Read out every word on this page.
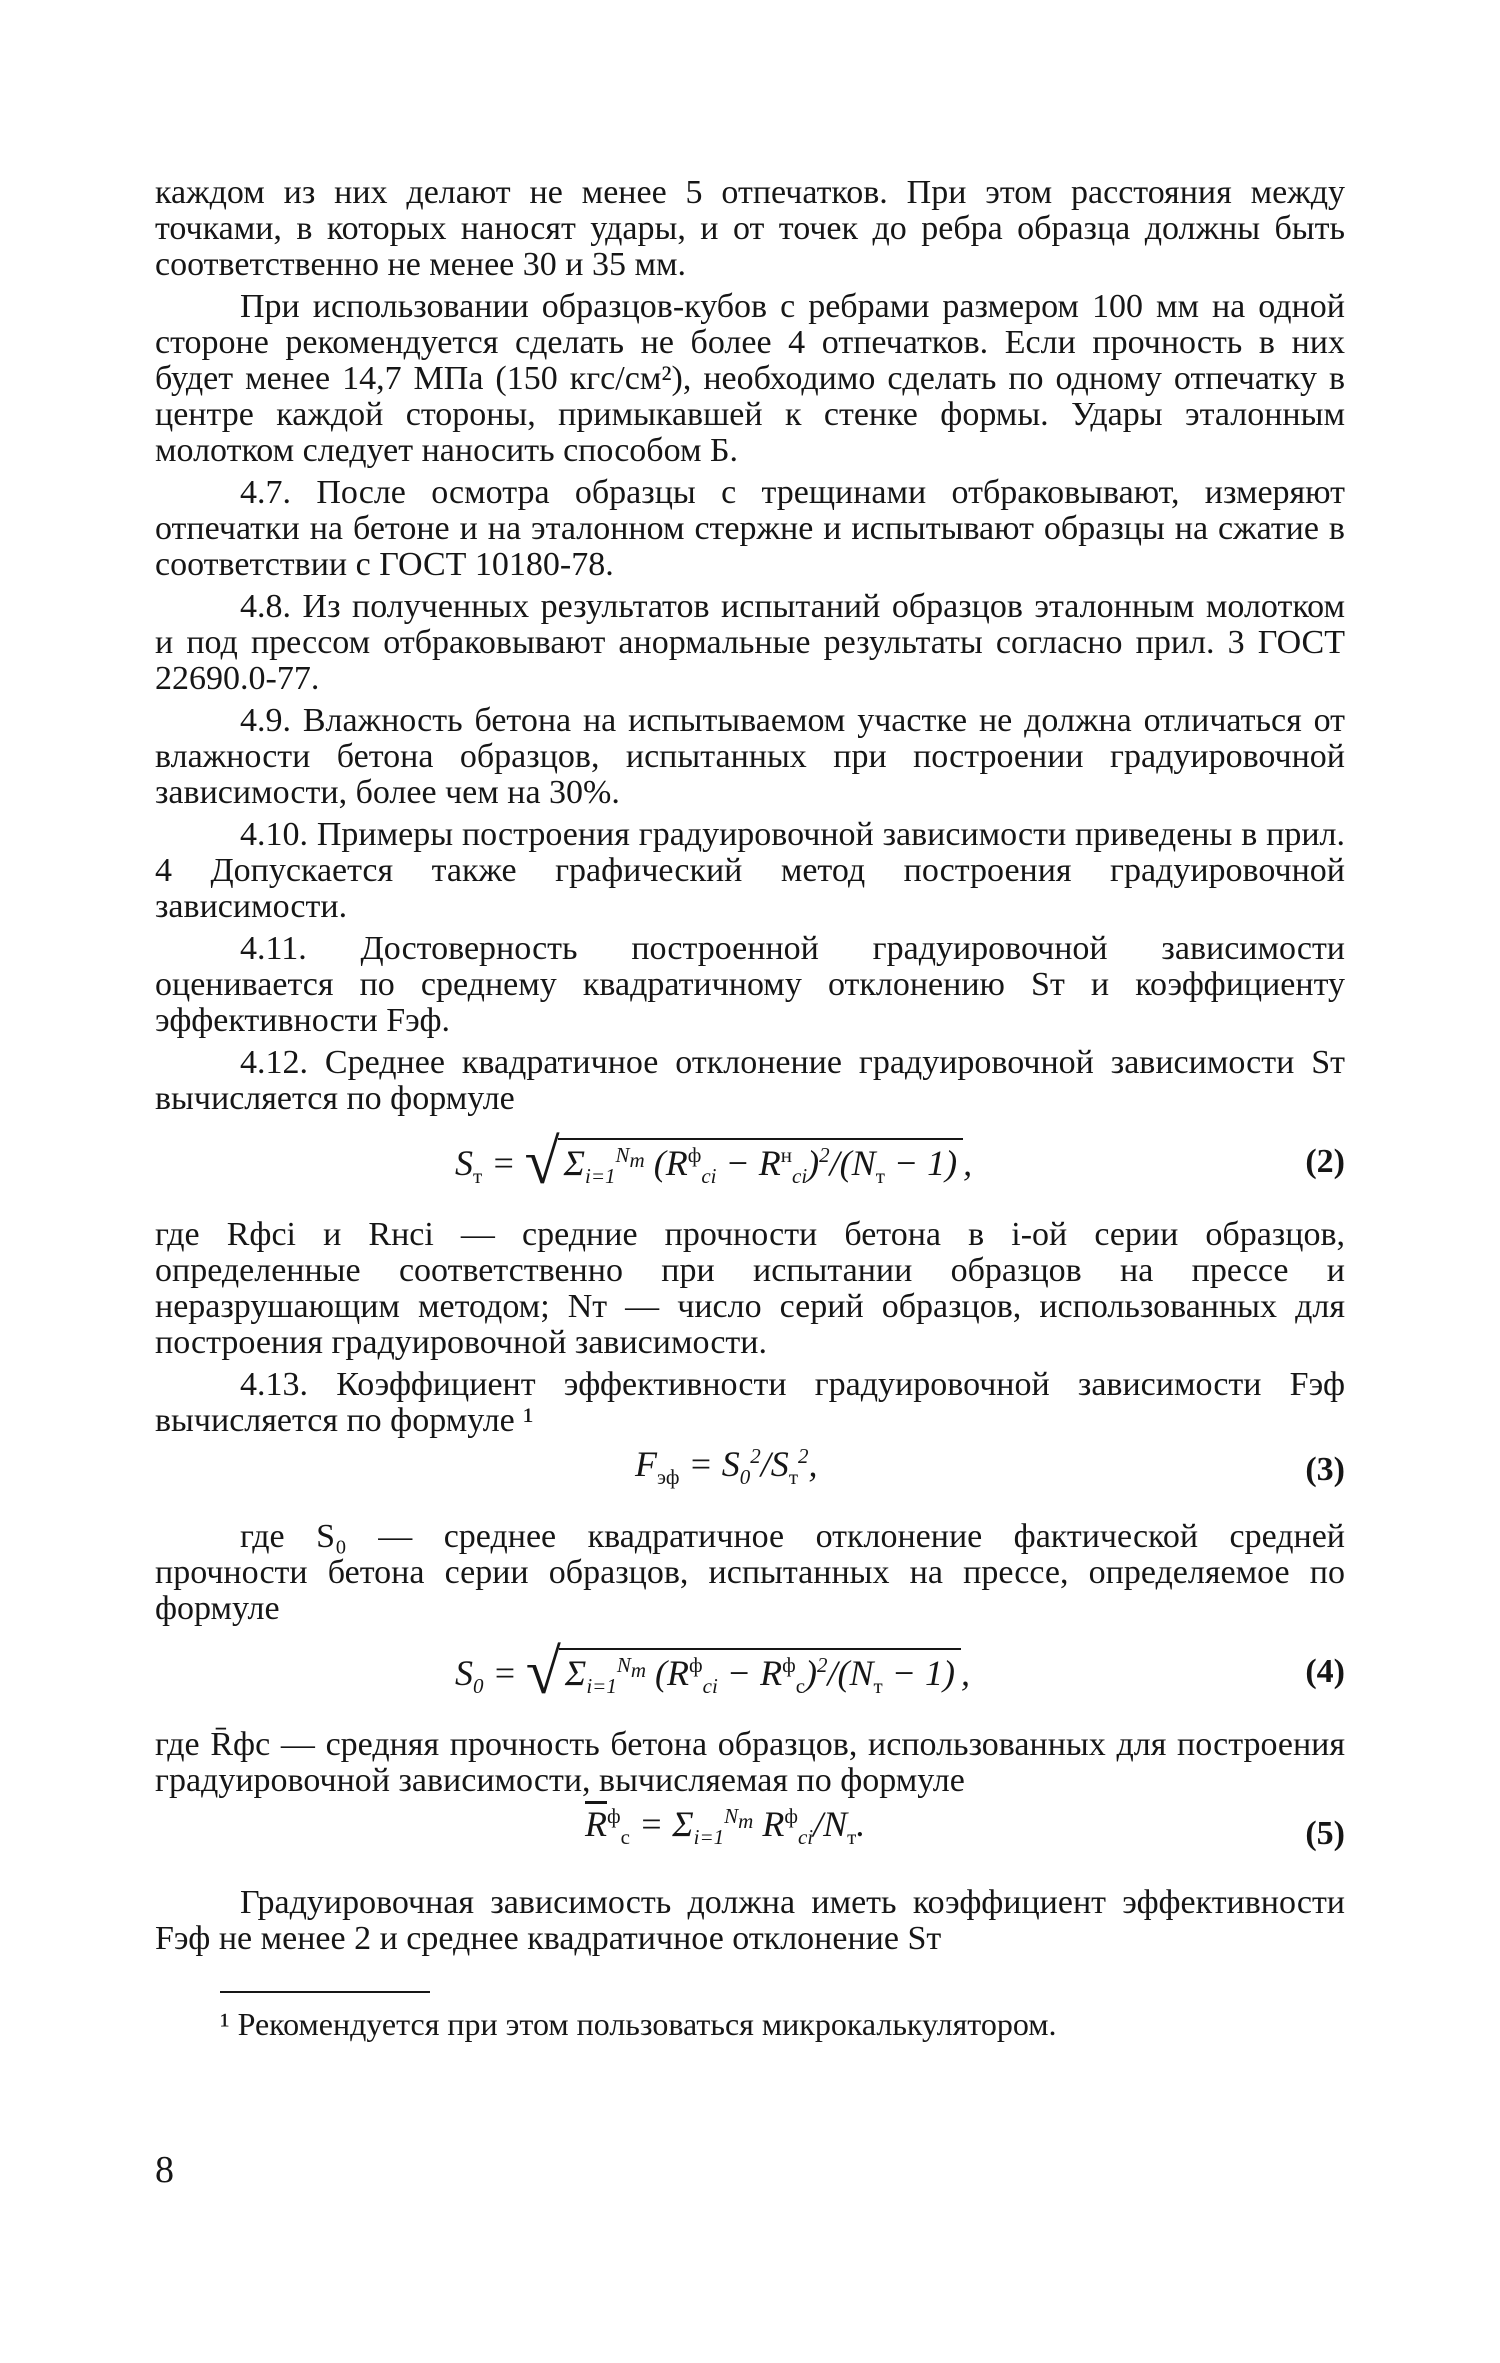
каждом из них делают не менее 5 отпечатков. При этом расстояния между точками, в которых наносят удары, и от точек до ребра образца должны быть соответственно не менее 30 и 35 мм.

При использовании образцов-кубов с ребрами размером 100 мм на одной стороне рекомендуется сделать не более 4 отпечатков. Если прочность в них будет менее 14,7 МПа (150 кгс/см²), необходимо сделать по одному отпечатку в центре каждой стороны, примыкавшей к стенке формы. Удары эталонным молотком следует наносить способом Б.

4.7. После осмотра образцы с трещинами отбраковывают, измеряют отпечатки на бетоне и на эталонном стержне и испытывают образцы на сжатие в соответствии с ГОСТ 10180-78.

4.8. Из полученных результатов испытаний образцов эталонным молотком и под прессом отбраковывают анормальные результаты согласно прил. 3 ГОСТ 22690.0-77.

4.9. Влажность бетона на испытываемом участке не должна отличаться от влажности бетона образцов, испытанных при построении градуировочной зависимости, более чем на 30%.

4.10. Примеры построения градуировочной зависимости приведены в прил. 4 Допускается также графический метод построения градуировочной зависимости.

4.11. Достоверность построенной градуировочной зависимости оценивается по среднему квадратичному отклонению Sт и коэффициенту эффективности Fэф.

4.12. Среднее квадратичное отклонение градуировочной зависимости Sт вычисляется по формуле

$S_т$ = √ $\Sigma_{i=1}^{N_т}$ $(R^ф_{ci} - R^н_{ci})^2/(N_т - 1)$ ,	(2)

где Rфci и Rнci — средние прочности бетона в i-ой серии образцов, определенные соответственно при испытании образцов на прессе и неразрушающим методом; Nт — число серий образцов, использованных для построения градуировочной зависимости.

4.13. Коэффициент эффективности градуировочной зависимости Fэф вычисляется по формуле ¹

$F_{эф} = S_0^2/S_т^2$,	(3)

где S₀ — среднее квадратичное отклонение фактической средней прочности бетона серии образцов, испытанных на прессе, определяемое по формуле

$S_0$ = √ $\Sigma_{i=1}^{N_т}$ $(R^ф_{ci} - R^ф_с)^2/(N_т - 1)$ ,	(4)

где R̄фс — средняя прочность бетона образцов, использованных для построения градуировочной зависимости, вычисляемая по формуле

$\overline{R}^ф_с = \Sigma_{i=1}^{N_т}$ $R^ф_{ci}/N_т$.	(5)

Градуировочная зависимость должна иметь коэффициент эффективности Fэф не менее 2 и среднее квадратичное отклонение Sт

¹ Рекомендуется при этом пользоваться микрокалькулятором.

8
